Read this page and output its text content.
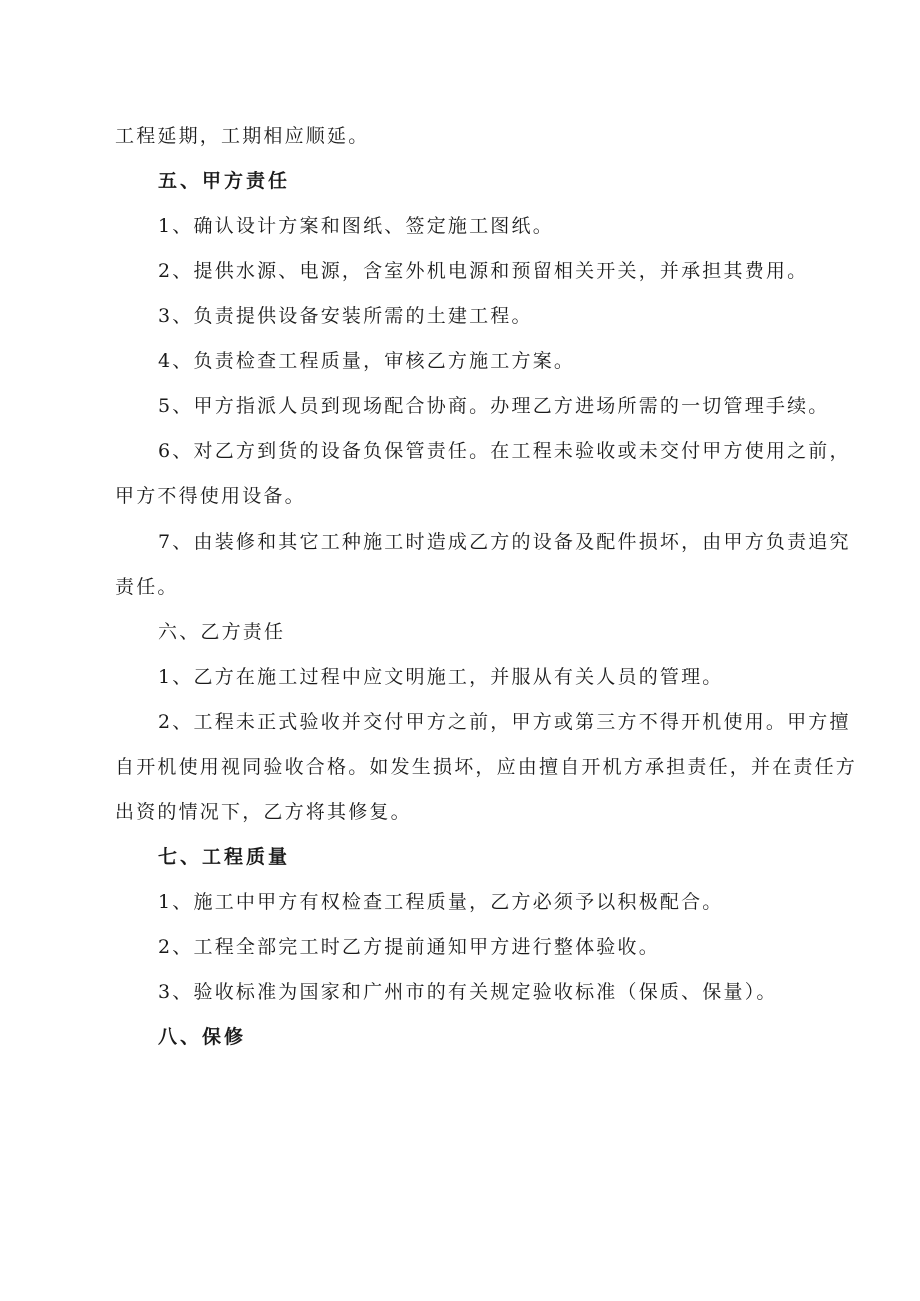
工程延期，工期相应顺延。
五、甲方责任
1、确认设计方案和图纸、签定施工图纸。
2、提供水源、电源，含室外机电源和预留相关开关，并承担其费用。
3、负责提供设备安装所需的土建工程。
4、负责检查工程质量，审核乙方施工方案。
5、甲方指派人员到现场配合协商。办理乙方进场所需的一切管理手续。
6、对乙方到货的设备负保管责任。在工程未验收或未交付甲方使用之前，
甲方不得使用设备。
7、由装修和其它工种施工时造成乙方的设备及配件损坏，由甲方负责追究
责任。
六、乙方责任
1、乙方在施工过程中应文明施工，并服从有关人员的管理。
2、工程未正式验收并交付甲方之前，甲方或第三方不得开机使用。甲方擅
自开机使用视同验收合格。如发生损坏，应由擅自开机方承担责任，并在责任方
出资的情况下，乙方将其修复。
七、工程质量
1、施工中甲方有权检查工程质量，乙方必须予以积极配合。
2、工程全部完工时乙方提前通知甲方进行整体验收。
3、验收标准为国家和广州市的有关规定验收标准（保质、保量）。
八、保修
